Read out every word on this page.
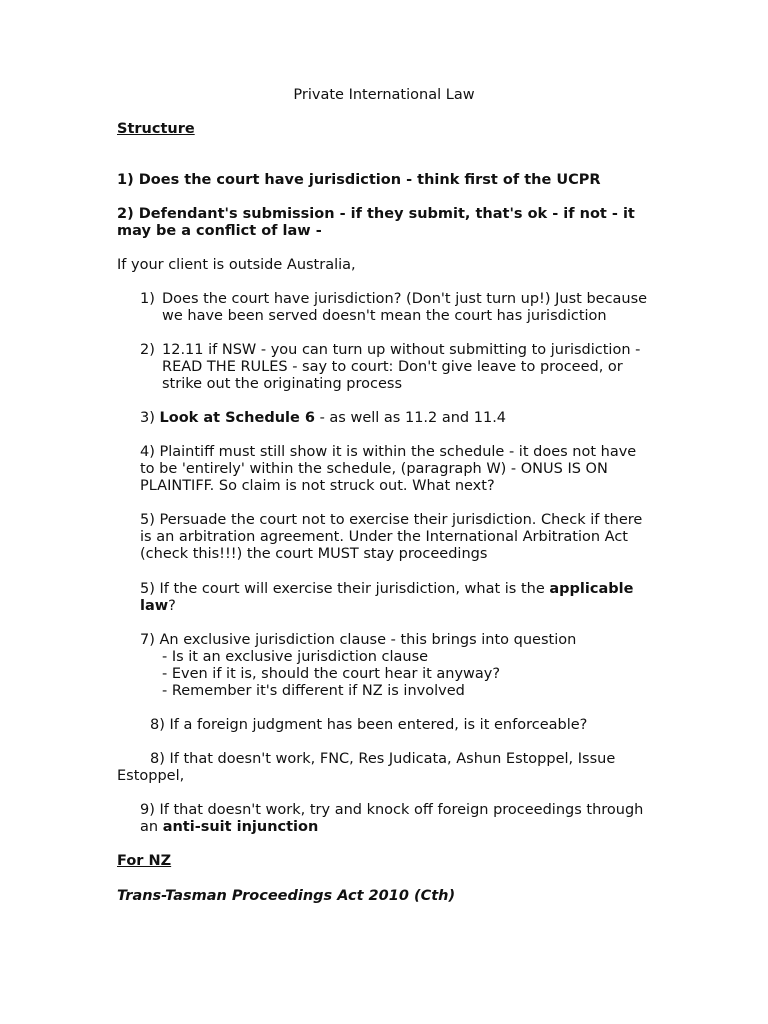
Private International Law

Structure

1) Does the court have jurisdiction - think first of the UCPR

2) Defendant's submission - if they submit, that's ok - if not - it may be a conflict of law -

If your client is outside Australia,

1) Does the court have jurisdiction? (Don't just turn up!) Just because we have been served doesn't mean the court has jurisdiction
2) 12.11 if NSW - you can turn up without submitting to jurisdiction - READ THE RULES - say to court: Don't give leave to proceed, or strike out the originating process

3) Look at Schedule 6 - as well as 11.2 and 11.4

4) Plaintiff must still show it is within the schedule - it does not have to be 'entirely' within the schedule, (paragraph W) - ONUS IS ON PLAINTIFF. So claim is not struck out. What next?

5) Persuade the court not to exercise their jurisdiction. Check if there is an arbitration agreement. Under the International Arbitration Act (check this!!!) the court MUST stay proceedings

5) If the court will exercise their jurisdiction, what is the applicable law?

7) An exclusive jurisdiction clause - this brings into question

- Is it an exclusive jurisdiction clause

- Even if it is, should the court hear it anyway?

- Remember it's different if NZ is involved

8) If a foreign judgment has been entered, is it enforceable?

8) If that doesn't work, FNC, Res Judicata, Ashun Estoppel, Issue Estoppel,

9) If that doesn't work, try and knock off foreign proceedings through an anti-suit injunction

For NZ

Trans-Tasman Proceedings Act 2010 (Cth)
